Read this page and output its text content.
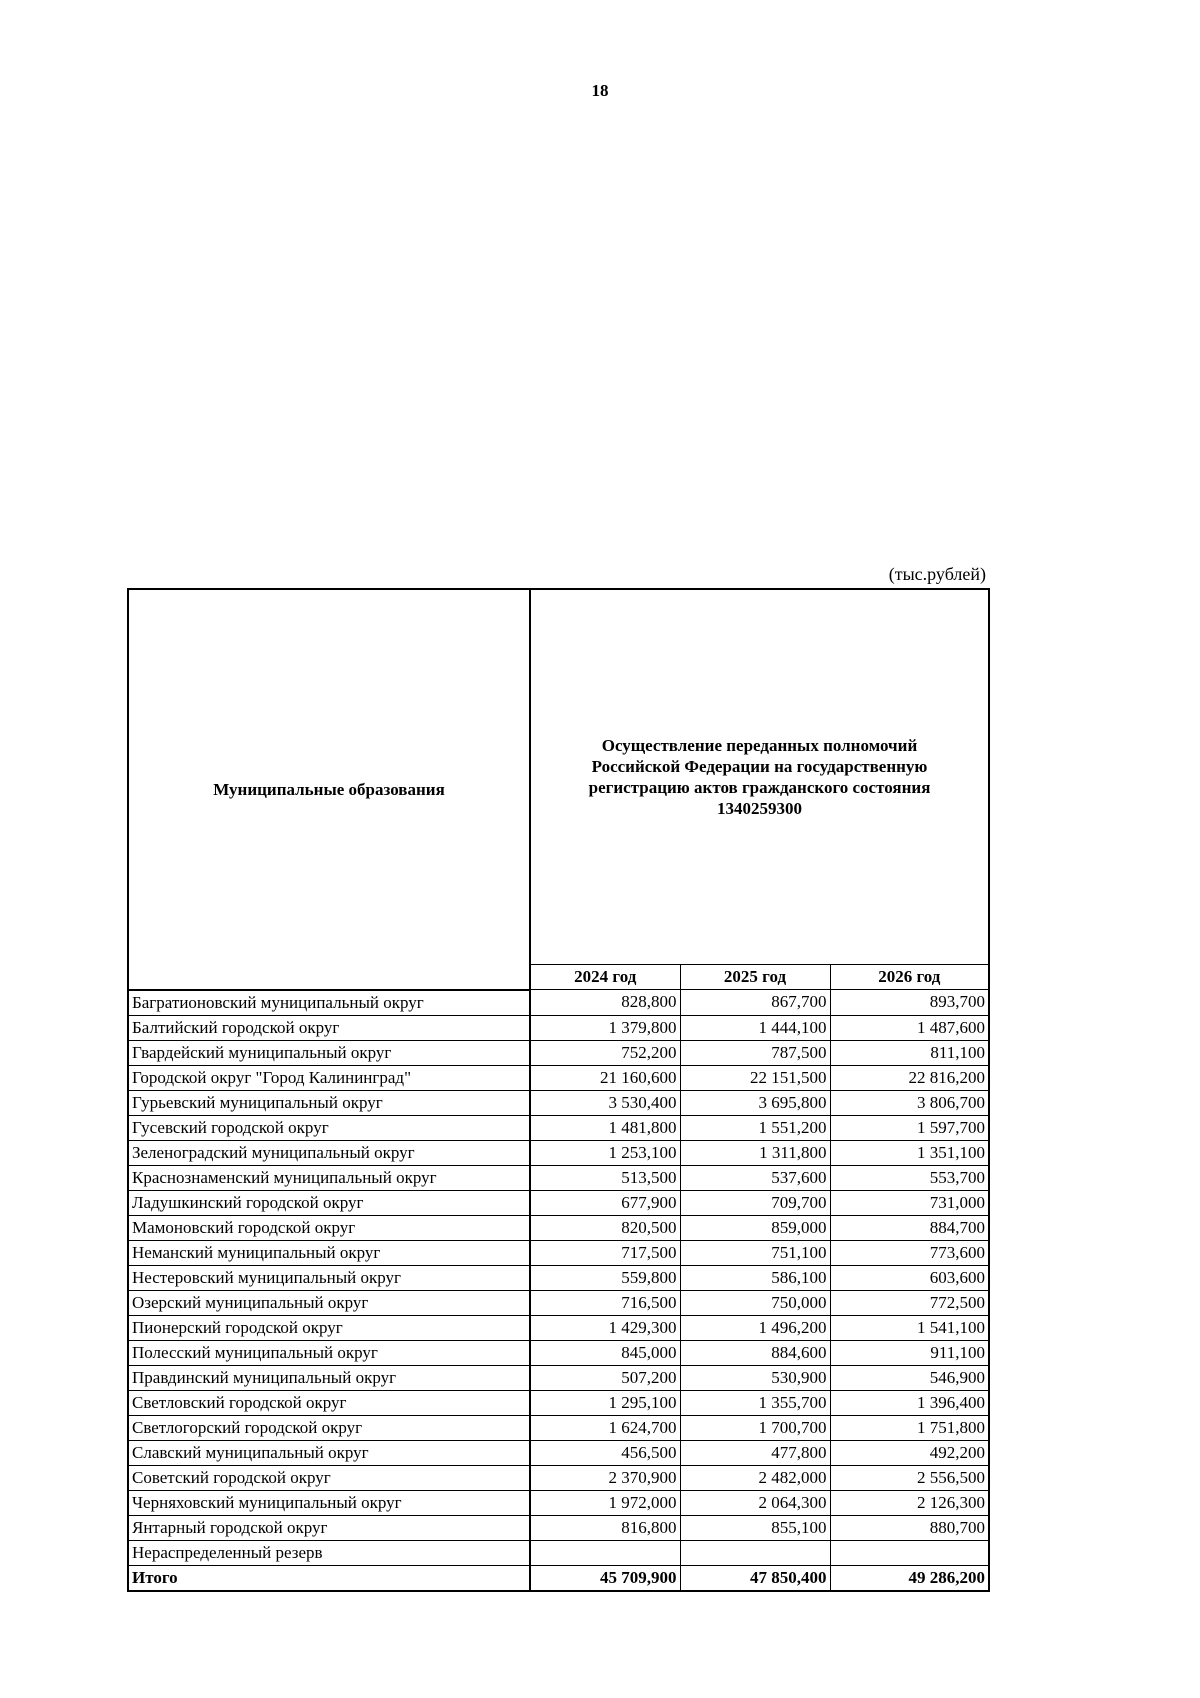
18
(тыс.рублей)
Муниципальные образования	Осуществление переданных полномочий
Российской Федерации на государственную
регистрацию актов гражданского состояния
1340259300		

	2024 год	2025 год	2026 год
Багратионовский муниципальный округ	828,800	867,700	893,700
Балтийский городской округ	1 379,800	1 444,100	1 487,600
Гвардейский муниципальный округ	752,200	787,500	811,100
Городской округ "Город Калининград"	21 160,600	22 151,500	22 816,200
Гурьевский муниципальный округ	3 530,400	3 695,800	3 806,700
Гусевский городской округ	1 481,800	1 551,200	1 597,700
Зеленоградский муниципальный округ	1 253,100	1 311,800	1 351,100
Краснознаменский муниципальный округ	513,500	537,600	553,700
Ладушкинский городской округ	677,900	709,700	731,000
Мамоновский городской округ	820,500	859,000	884,700
Неманский муниципальный округ	717,500	751,100	773,600
Нестеровский муниципальный округ	559,800	586,100	603,600
Озерский муниципальный округ	716,500	750,000	772,500
Пионерский городской округ	1 429,300	1 496,200	1 541,100
Полесский муниципальный округ	845,000	884,600	911,100
Правдинский муниципальный округ	507,200	530,900	546,900
Светловский городской округ	1 295,100	1 355,700	1 396,400
Светлогорский городской округ	1 624,700	1 700,700	1 751,800
Славский муниципальный округ	456,500	477,800	492,200
Советский городской округ	2 370,900	2 482,000	2 556,500
Черняховский муниципальный округ	1 972,000	2 064,300	2 126,300
Янтарный городской округ	816,800	855,100	880,700
Нераспределенный резерв			
Итого	45 709,900	47 850,400	49 286,200
